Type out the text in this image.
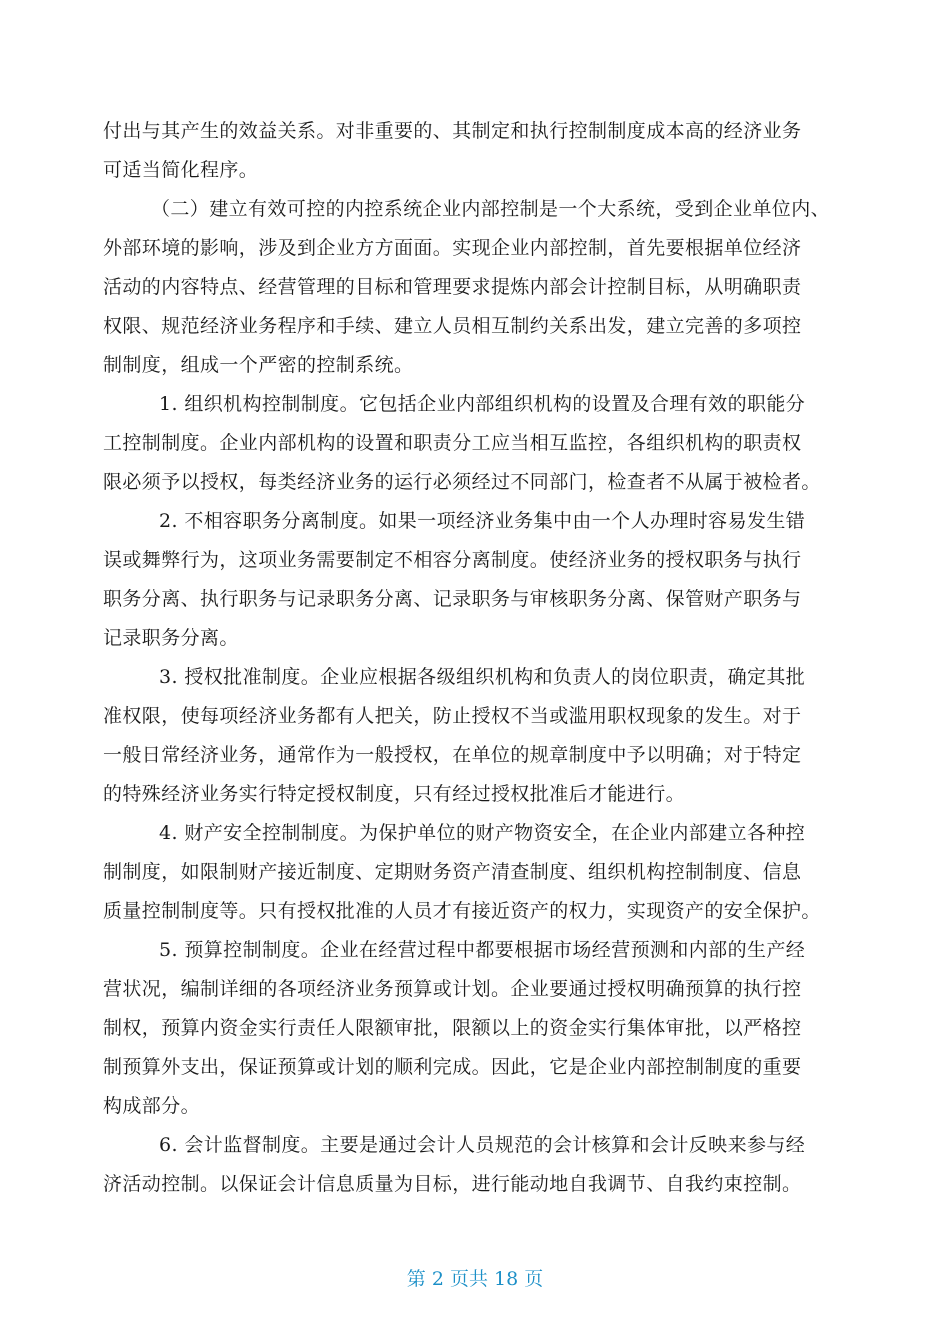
付出与其产生的效益关系。对非重要的、其制定和执行控制制度成本高的经济业务
可适当简化程序。
（二）建立有效可控的内控系统企业内部控制是一个大系统，受到企业单位内、
外部环境的影响，涉及到企业方方面面。实现企业内部控制，首先要根据单位经济
活动的内容特点、经营管理的目标和管理要求提炼内部会计控制目标，从明确职责
权限、规范经济业务程序和手续、建立人员相互制约关系出发，建立完善的多项控
制制度，组成一个严密的控制系统。
1. 组织机构控制制度。它包括企业内部组织机构的设置及合理有效的职能分
工控制制度。企业内部机构的设置和职责分工应当相互监控，各组织机构的职责权
限必须予以授权，每类经济业务的运行必须经过不同部门，检查者不从属于被检者。
2. 不相容职务分离制度。如果一项经济业务集中由一个人办理时容易发生错
误或舞弊行为，这项业务需要制定不相容分离制度。使经济业务的授权职务与执行
职务分离、执行职务与记录职务分离、记录职务与审核职务分离、保管财产职务与
记录职务分离。
3. 授权批准制度。企业应根据各级组织机构和负责人的岗位职责，确定其批
准权限，使每项经济业务都有人把关，防止授权不当或滥用职权现象的发生。对于
一般日常经济业务，通常作为一般授权，在单位的规章制度中予以明确；对于特定
的特殊经济业务实行特定授权制度，只有经过授权批准后才能进行。
4. 财产安全控制制度。为保护单位的财产物资安全，在企业内部建立各种控
制制度，如限制财产接近制度、定期财务资产清查制度、组织机构控制制度、信息
质量控制制度等。只有授权批准的人员才有接近资产的权力，实现资产的安全保护。
5. 预算控制制度。企业在经营过程中都要根据市场经营预测和内部的生产经
营状况，编制详细的各项经济业务预算或计划。企业要通过授权明确预算的执行控
制权，预算内资金实行责任人限额审批，限额以上的资金实行集体审批，以严格控
制预算外支出，保证预算或计划的顺利完成。因此，它是企业内部控制制度的重要
构成部分。
6. 会计监督制度。主要是通过会计人员规范的会计核算和会计反映来参与经
济活动控制。以保证会计信息质量为目标，进行能动地自我调节、自我约束控制。
第 2 页共 18 页
